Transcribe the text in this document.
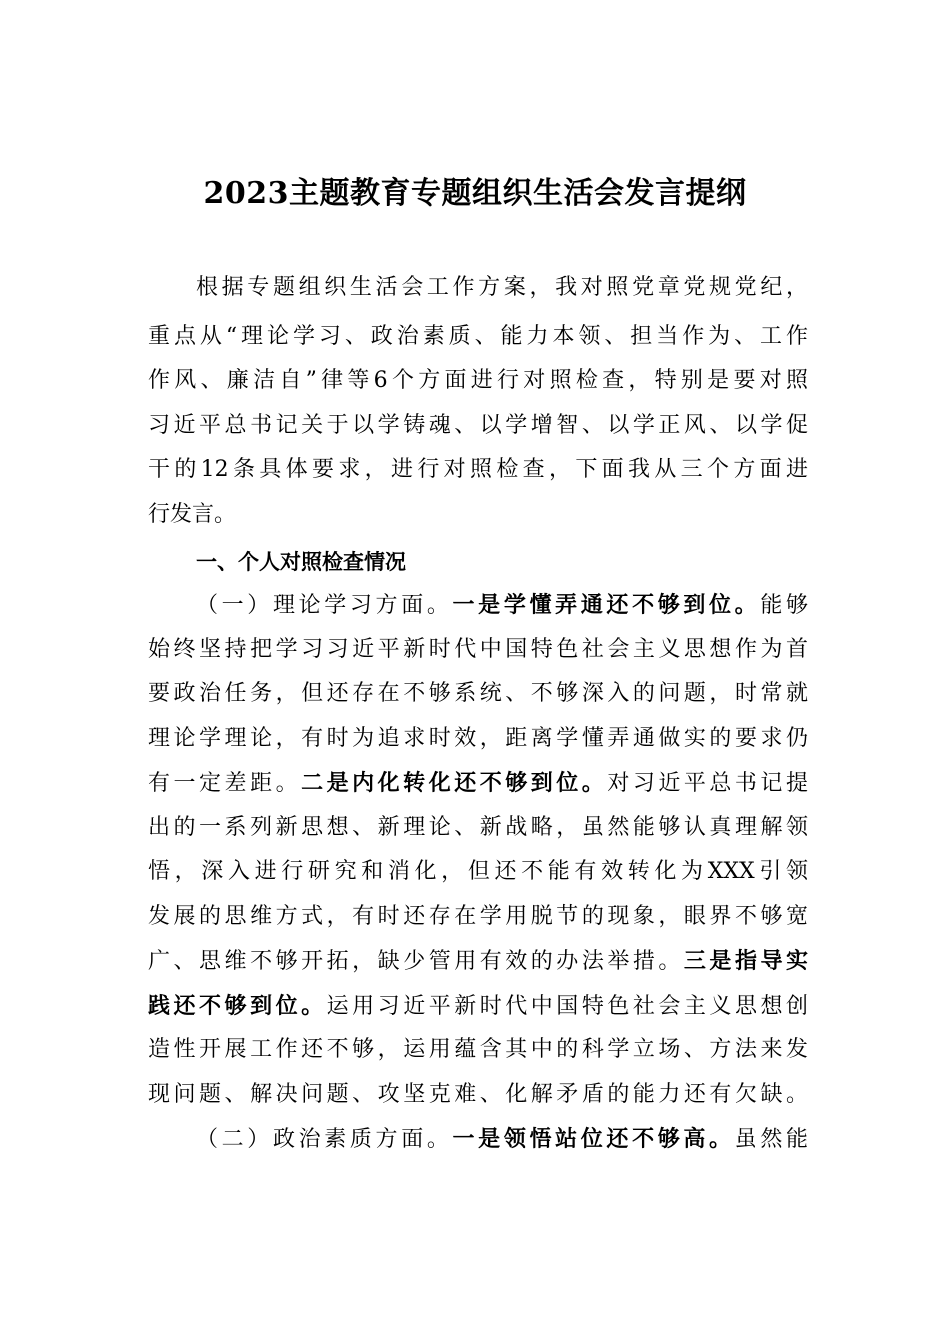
2023主题教育专题组织生活会发言提纲
根据专题组织生活会工作方案，我对照党章党规党纪，
重点从“理论学习、政治素质、能力本领、担当作为、工作
作风、廉洁自”律等6个方面进行对照检查，特别是要对照
习近平总书记关于以学铸魂、以学增智、以学正风、以学促
干的12条具体要求，进行对照检查，下面我从三个方面进
行发言。
一、个人对照检查情况
（一）理论学习方面。一是学懂弄通还不够到位。能够
始终坚持把学习习近平新时代中国特色社会主义思想作为首
要政治任务，但还存在不够系统、不够深入的问题，时常就
理论学理论，有时为追求时效，距离学懂弄通做实的要求仍
有一定差距。二是内化转化还不够到位。对习近平总书记提
出的一系列新思想、新理论、新战略，虽然能够认真理解领
悟，深入进行研究和消化，但还不能有效转化为XXX引领
发展的思维方式，有时还存在学用脱节的现象，眼界不够宽
广、思维不够开拓，缺少管用有效的办法举措。三是指导实
践还不够到位。运用习近平新时代中国特色社会主义思想创
造性开展工作还不够，运用蕴含其中的科学立场、方法来发
现问题、解决问题、攻坚克难、化解矛盾的能力还有欠缺。
（二）政治素质方面。一是领悟站位还不够高。虽然能
